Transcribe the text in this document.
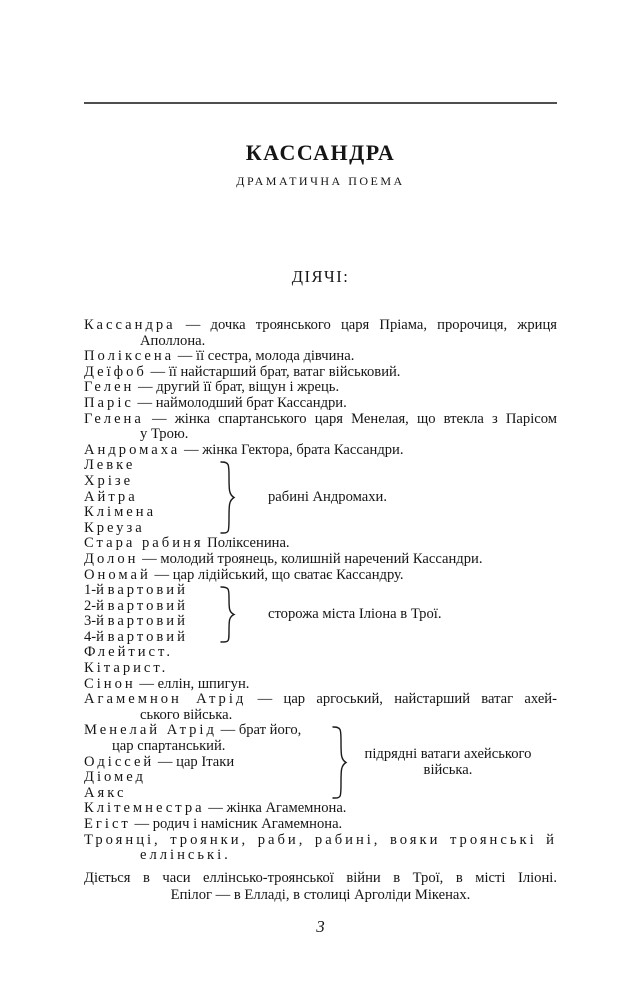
КАССАНДРА
ДРАМАТИЧНА ПОЕМА
ДІЯЧІ:
Кассандра — дочка троянського царя Пріама, пророчиця, жриця
Аполлона.
Поліксена — її сестра, молода дівчина.
Деїфоб — її найстарший брат, ватаг військовий.
Гелен — другий її брат, віщун і жрець.
Паріс — наймолодший брат Кассандри.
Гелена — жінка спартанського царя Менелая, що втекла з Парісом
у Трою.
Андромаха — жінка Гектора, брата Кассандри.
Левке
Хрізе
Айтра
Клімена
Креуза
рабині Андромахи.
Стара рабиня Поліксенина.
Долон — молодий троянець, колишній наречений Кассандри.
Ономай — цар лідійський, що сватає Кассандру.
1-й вартовий
2-й вартовий
3-й вартовий
4-й вартовий
сторожа міста Іліона в Трої.
Флейтист.
Кітарист.
Сінон — еллін, шпигун.
Агамемнон Атрід — цар аргоський, найстарший ватаг ахей-
ського війська.
Менелай Атрід — брат його,
цар спартанський.
Одіссей — цар Ітаки
Діомед
Аякс
підрядні ватаги ахейського
війська.
Клітемнестра — жінка Агамемнона.
Егіст — родич і намісник Агамемнона.
Троянці, троянки, раби, рабині, вояки троянські й
еллінські.
Діється в часи еллінсько-троянської війни в Трої, в місті Іліоні.
Епілог — в Елладі, в столиці Арголіди Мікенах.
3
